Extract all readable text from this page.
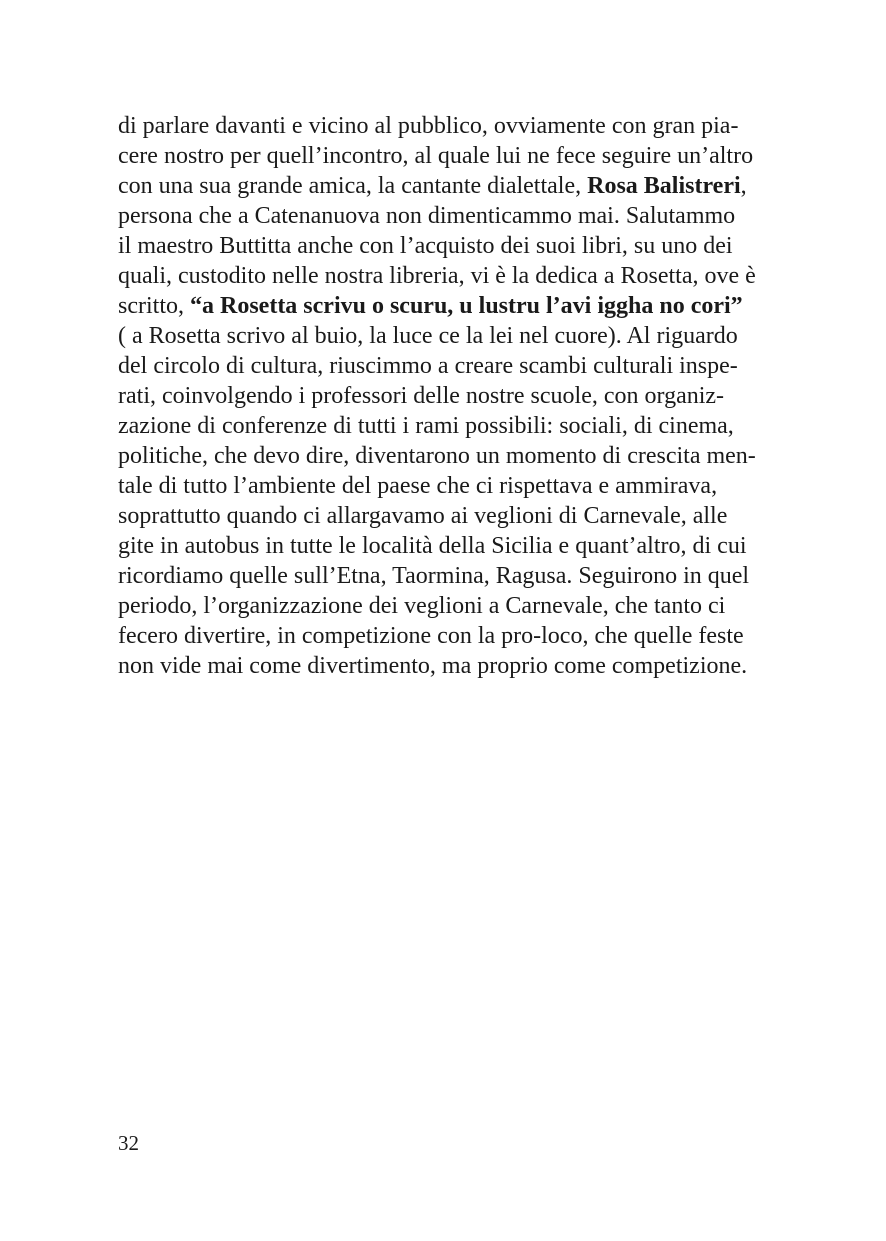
di parlare davanti e vicino al pubblico, ovviamente con gran pia-
cere nostro per quell’incontro, al quale lui ne fece seguire un’altro
con una sua grande amica, la cantante dialettale, Rosa Balistreri,
persona che a Catenanuova non dimenticammo mai. Salutammo
il maestro Buttitta anche con l’acquisto dei suoi libri, su uno dei
quali, custodito nelle nostra libreria, vi è la dedica a Rosetta, ove è
scritto, “a Rosetta scrivu o scuru, u lustru l’avi iggha no cori”
( a Rosetta scrivo al buio, la luce ce la lei nel cuore). Al riguardo
del circolo di cultura, riuscimmo a creare scambi culturali inspe-
rati, coinvolgendo i professori delle nostre scuole, con organiz-
zazione di conferenze di tutti i rami possibili: sociali, di cinema,
politiche, che devo dire, diventarono un momento di crescita men-
tale di tutto l’ambiente del paese che ci rispettava e ammirava,
soprattutto quando ci allargavamo ai veglioni di Carnevale, alle
gite in autobus in tutte le località della Sicilia e quant’altro, di cui
ricordiamo quelle sull’Etna, Taormina, Ragusa. Seguirono in quel
periodo, l’organizzazione dei veglioni a Carnevale, che tanto ci
fecero divertire, in competizione con la pro-loco, che quelle feste
non vide mai come divertimento, ma proprio come competizione.
32
